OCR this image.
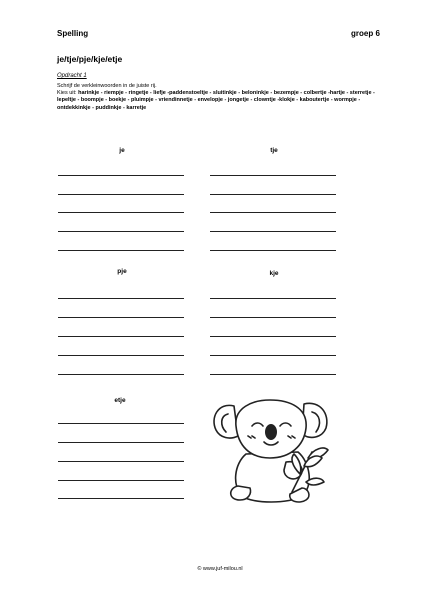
Spelling	groep 6
je/tje/pje/kje/etje
Opdracht 1
Schrijf de verkleinwoorden in de juiste rij.
Kies uit: harinkje - riempje - ringetje - liefje -paddenstoeltje - sluitinkje - beloninkje - bezempje - colbertje -hartje - sterretje - lepeltje - boompje - boekje - pluimpje - vriendinnetje - envelopje - jongetje - clowntje -klokje - kaboutertje - wormpje - ontdekkinkje - puddinkje - karretje
je	tje
pje	kje
etje
© www.juf-milou.nl
